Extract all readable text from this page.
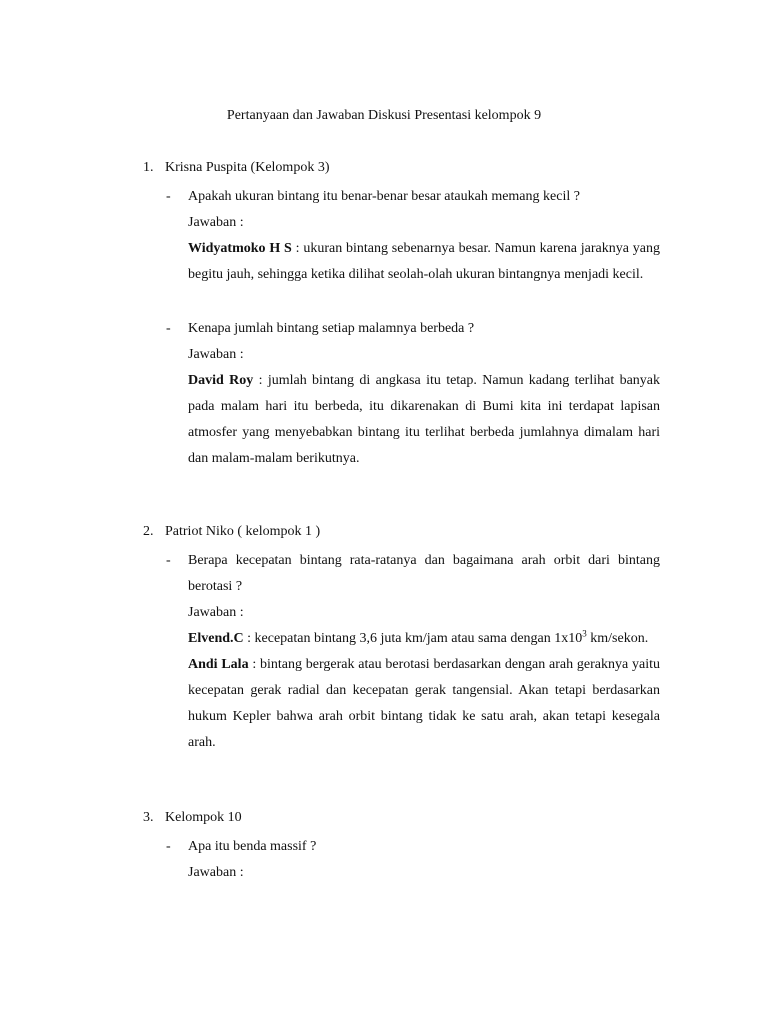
Pertanyaan dan Jawaban Diskusi Presentasi kelompok 9
1. Krisna Puspita (Kelompok 3)
- Apakah ukuran bintang itu benar-benar besar ataukah memang kecil ?
Jawaban :
Widyatmoko H S : ukuran bintang sebenarnya besar. Namun karena jaraknya yang begitu jauh, sehingga ketika dilihat seolah-olah ukuran bintangnya menjadi kecil.
- Kenapa jumlah bintang setiap malamnya berbeda ?
Jawaban :
David Roy : jumlah bintang di angkasa itu tetap. Namun kadang terlihat banyak pada malam hari itu berbeda, itu dikarenakan di Bumi kita ini terdapat lapisan atmosfer yang menyebabkan bintang itu terlihat berbeda jumlahnya dimalam hari dan malam-malam berikutnya.
2. Patriot Niko ( kelompok 1 )
- Berapa kecepatan bintang rata-ratanya dan bagaimana arah orbit dari bintang berotasi ?
Jawaban :
Elvend.C : kecepatan bintang 3,6 juta km/jam atau sama dengan $1x10^3$ km/sekon.
Andi Lala : bintang bergerak atau berotasi berdasarkan dengan arah geraknya yaitu kecepatan gerak radial dan kecepatan gerak tangensial. Akan tetapi berdasarkan hukum Kepler bahwa arah orbit bintang tidak ke satu arah, akan tetapi kesegala arah.
3. Kelompok 10
- Apa itu benda massif ?
Jawaban :
